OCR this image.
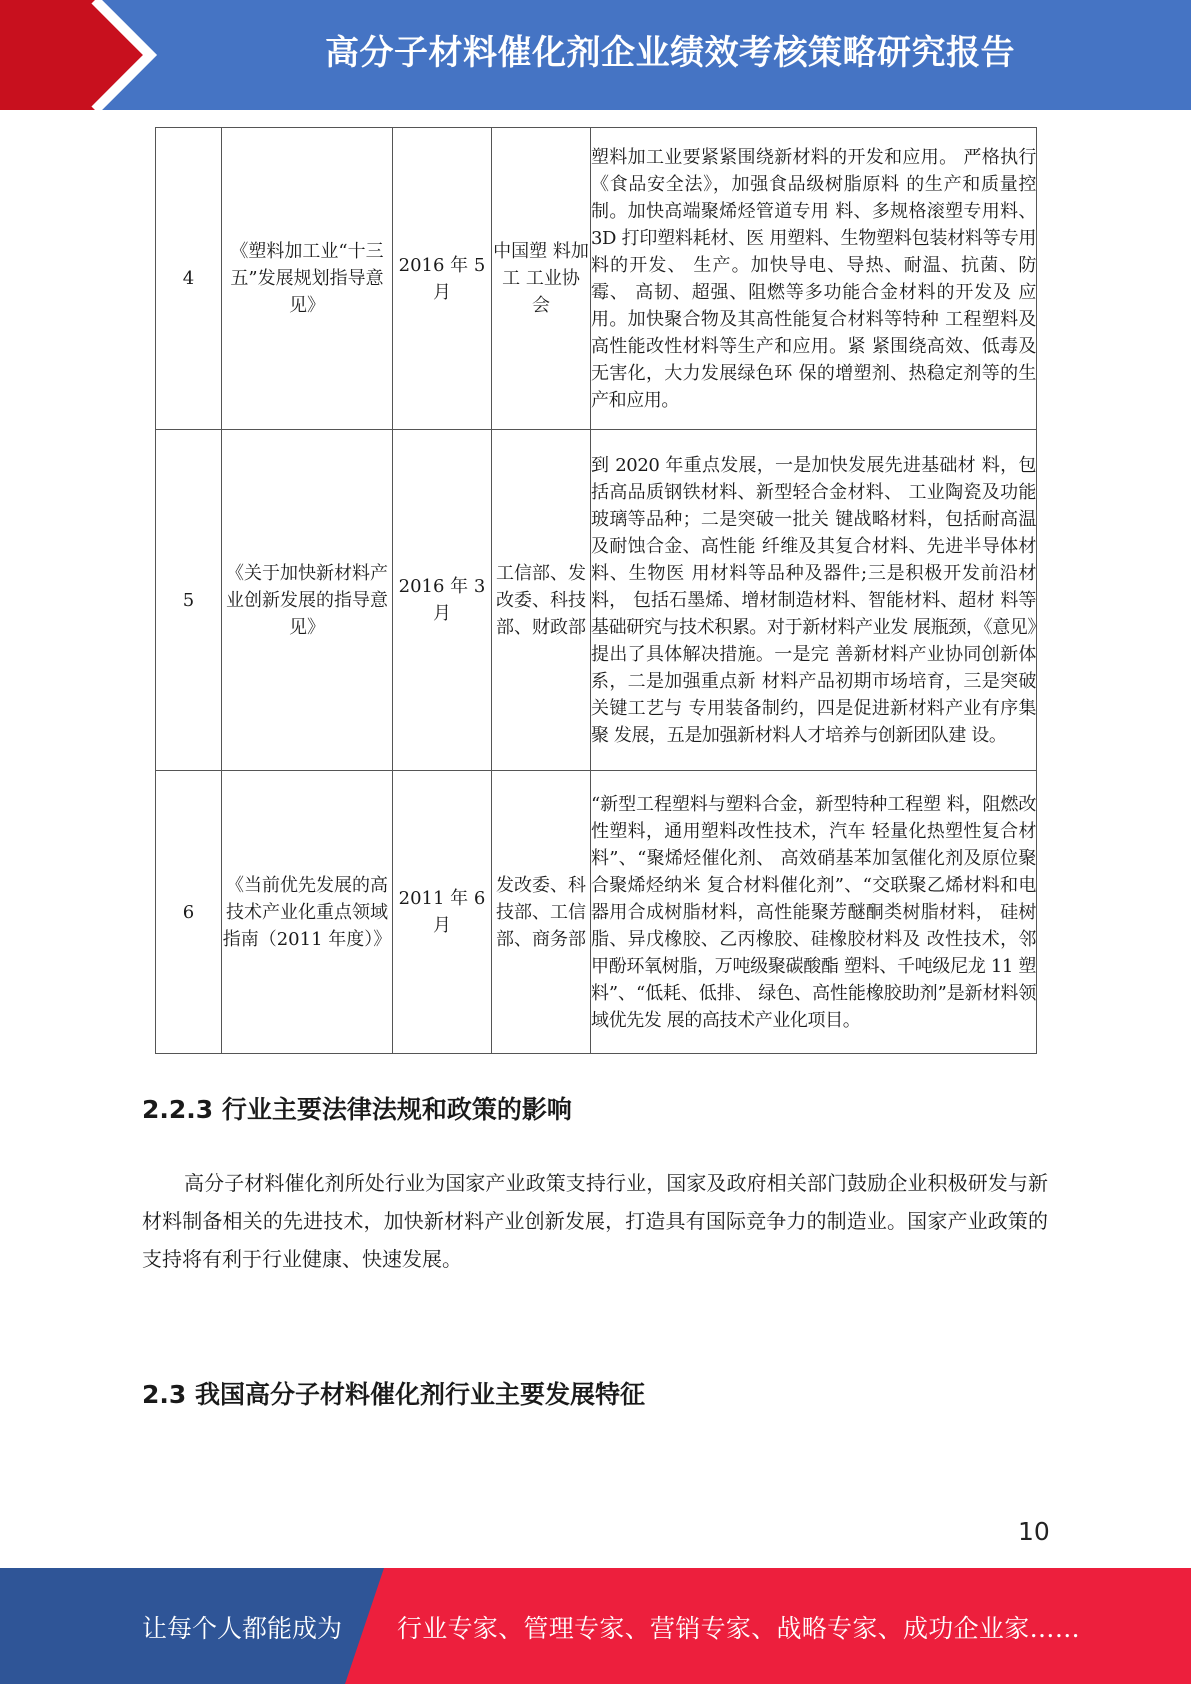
高分子材料催化剂企业绩效考核策略研究报告
4	《塑料加工业“十三五”发展规划指导意见》	2016 年 5月	中国塑 料加工 工业协 会	塑料加工业要紧紧围绕新材料的开发和应用。 严格执行《食品安全法》，加强食品级树脂原料 的生产和质量控制。加快高端聚烯烃管道专用 料、多规格滚塑专用料、3D 打印塑料耗材、医 用塑料、生物塑料包装材料等专用料的开发、 生产。加快导电、导热、耐温、抗菌、防霉、 高韧、超强、阻燃等多功能合金材料的开发及 应用。加快聚合物及其高性能复合材料等特种 工程塑料及高性能改性材料等生产和应用。紧 紧围绕高效、低毒及无害化，大力发展绿色环 保的增塑剂、热稳定剂等的生产和应用。

5	《关于加快新材料产业创新发展的指导意见》	2016 年 3月	工信部、发改委、科技部、财政部	到 2020 年重点发展，一是加快发展先进基础材 料，包括高品质钢铁材料、新型轻合金材料、 工业陶瓷及功能玻璃等品种；二是突破一批关 键战略材料，包括耐高温及耐蚀合金、高性能 纤维及其复合材料、先进半导体材料、生物医 用材料等品种及器件;三是积极开发前沿材料， 包括石墨烯、增材制造材料、智能材料、超材 料等基础研究与技术积累。对于新材料产业发 展瓶颈，《意见》提出了具体解决措施。一是完 善新材料产业协同创新体系，二是加强重点新 材料产品初期市场培育，三是突破关键工艺与 专用装备制约，四是促进新材料产业有序集聚 发展，五是加强新材料人才培养与创新团队建 设。

6	《当前优先发展的高技术产业化重点领域指南（2011 年度）》	2011 年 6月	发改委、科技部、工信部、商务部	“新型工程塑料与塑料合金，新型特种工程塑 料，阻燃改性塑料，通用塑料改性技术，汽车 轻量化热塑性复合材料”、“聚烯烃催化剂、 高效硝基苯加氢催化剂及原位聚合聚烯烃纳米 复合材料催化剂”、“交联聚乙烯材料和电器用合成树脂材料，高性能聚芳醚酮类树脂材料， 硅树脂、异戊橡胶、乙丙橡胶、硅橡胶材料及 改性技术，邻甲酚环氧树脂，万吨级聚碳酸酯 塑料、千吨级尼龙 11 塑料”、“低耗、低排、 绿色、高性能橡胶助剂”是新材料领域优先发 展的高技术产业化项目。
2.2.3 行业主要法律法规和政策的影响

高分子材料催化剂所处行业为国家产业政策支持行业，国家及政府相关部门鼓励企业积极研发与新材料制备相关的先进技术，加快新材料产业创新发展，打造具有国际竞争力的制造业。国家产业政策的支持将有利于行业健康、快速发展。

2.3 我国高分子材料催化剂行业主要发展特征
10
让每个人都能成为 行业专家、管理专家、营销专家、战略专家、成功企业家……
